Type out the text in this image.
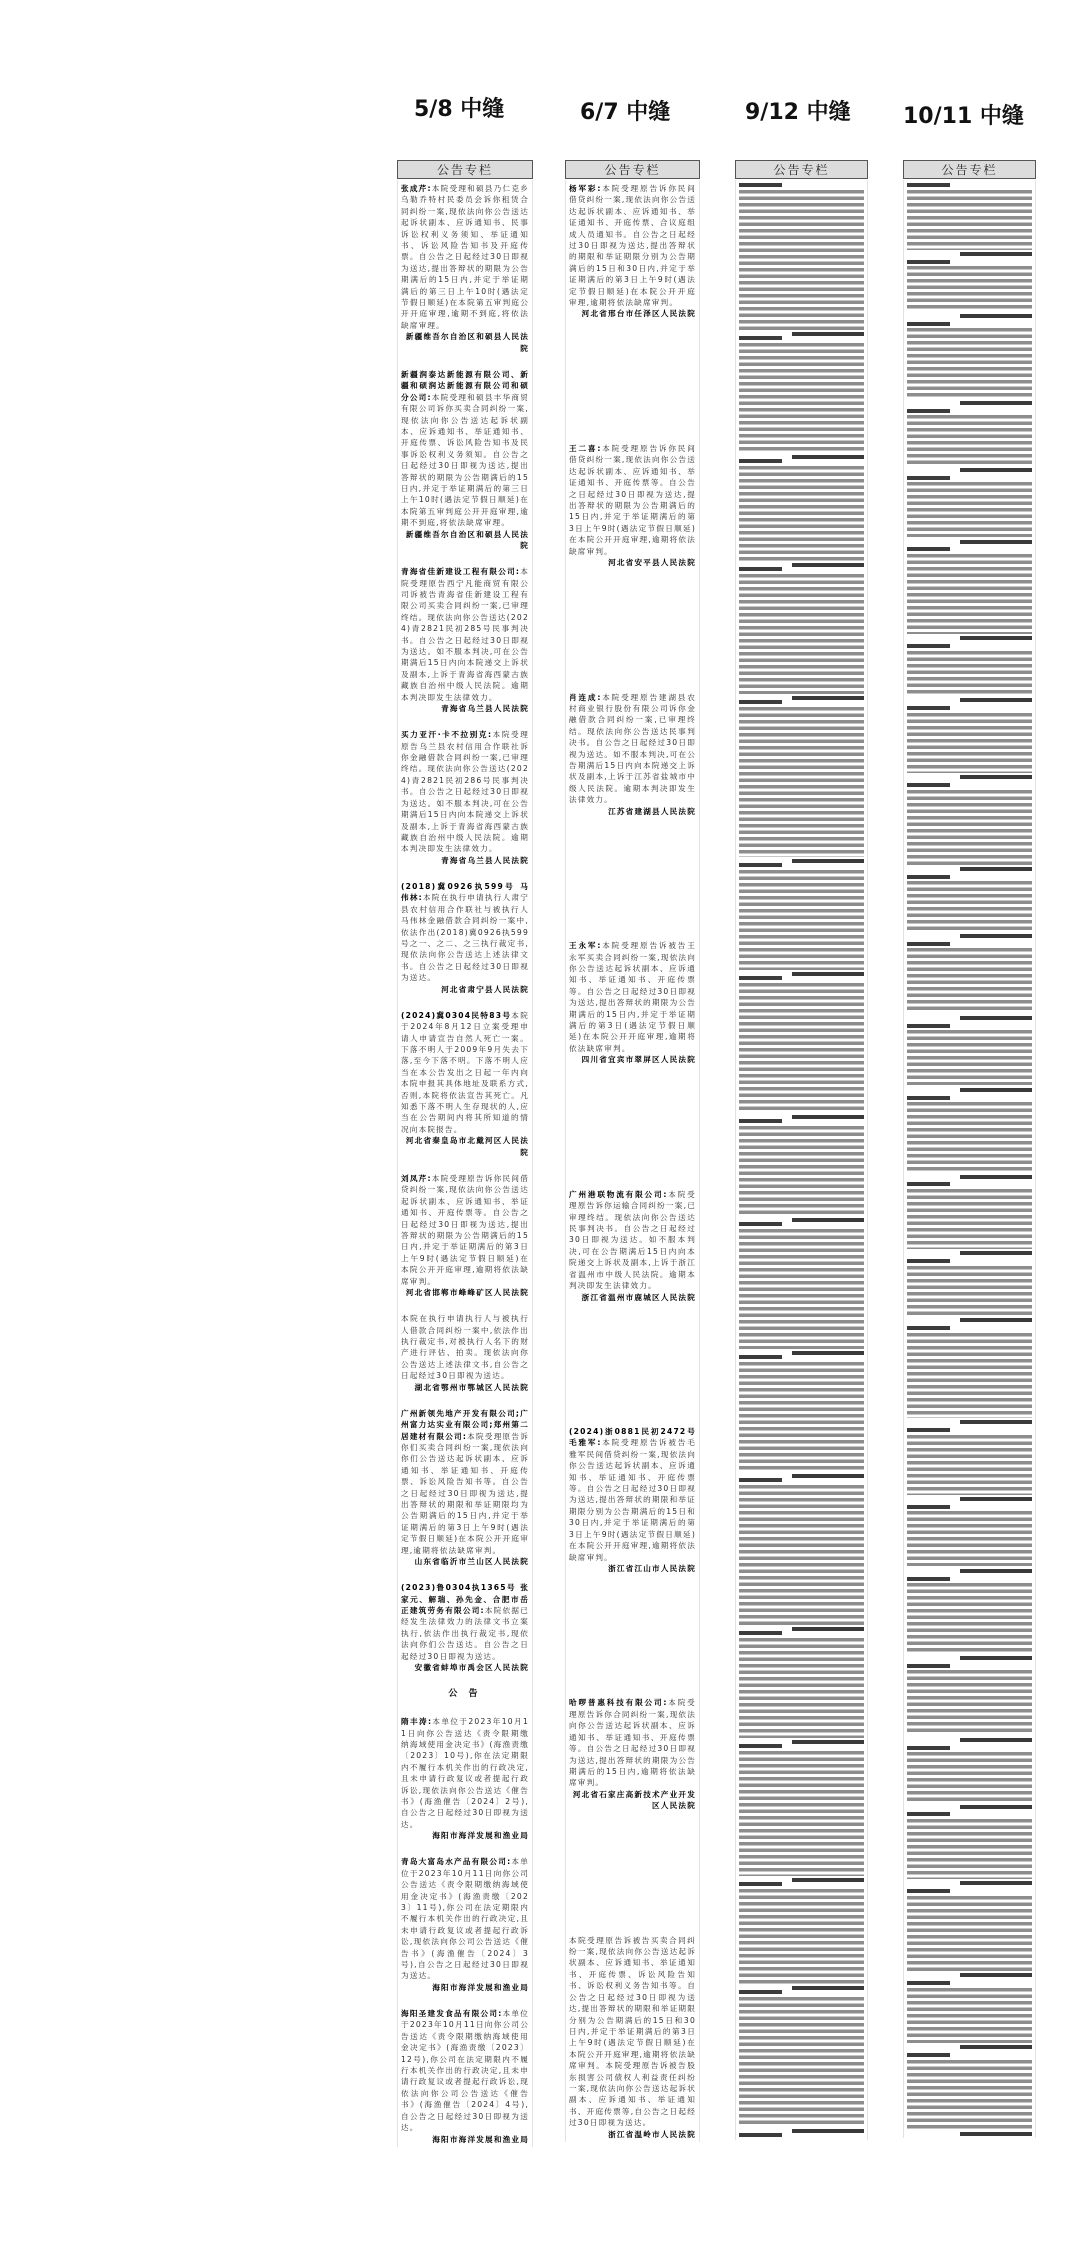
5/8 中缝	6/7 中缝	9/12 中缝 10/11 中缝
公告专栏

张成芹:本院受理和硕县乃仁克乡乌勒乔特村民委员会诉你租赁合同纠纷一案,现依法向你公告送达起诉状副本、应诉通知书、民事诉讼权利义务须知、举证通知书、诉讼风险告知书及开庭传票。自公告之日起经过30日即视为送达,提出答辩状的期限为公告期满后的15日内,并定于举证期满后的第三日上午10时(遇法定节假日顺延)在本院第五审判庭公开开庭审理,逾期不到庭,将依法缺席审理。

新疆维吾尔自治区和硕县人民法院

新疆润泰达新能源有限公司、新疆和硕润达新能源有限公司和硕分公司:本院受理和硕县丰华商贸有限公司诉你买卖合同纠纷一案,现依法向你公告送达起诉状副本、应诉通知书、举证通知书、开庭传票、诉讼风险告知书及民事诉讼权利义务须知。自公告之日起经过30日即视为送达,提出答辩状的期限为公告期满后的15日内,并定于举证期满后的第三日上午10时(遇法定节假日顺延)在本院第五审判庭公开开庭审理,逾期不到庭,将依法缺席审理。

新疆维吾尔自治区和硕县人民法院

青海省佳新建设工程有限公司:本院受理原告西宁凡能商贸有限公司诉被告青海省佳新建设工程有限公司买卖合同纠纷一案,已审理终结。现依法向你公告送达(2024)青2821民初285号民事判决书。自公告之日起经过30日即视为送达。如不服本判决,可在公告期满后15日内向本院递交上诉状及副本,上诉于青海省海西蒙古族藏族自治州中级人民法院。逾期本判决即发生法律效力。

青海省乌兰县人民法院

买力亚汗·卡不拉别克:本院受理原告乌兰县农村信用合作联社诉你金融借款合同纠纷一案,已审理终结。现依法向你公告送达(2024)青2821民初286号民事判决书。自公告之日起经过30日即视为送达。如不服本判决,可在公告期满后15日内向本院递交上诉状及副本,上诉于青海省海西蒙古族藏族自治州中级人民法院。逾期本判决即发生法律效力。

青海省乌兰县人民法院

(2018)冀0926执599号 马伟林:本院在执行申请执行人肃宁县农村信用合作联社与被执行人马伟林金融借款合同纠纷一案中,依法作出(2018)冀0926执599号之一、之二、之三执行裁定书,现依法向你公告送达上述法律文书。自公告之日起经过30日即视为送达。

河北省肃宁县人民法院

(2024)冀0304民特83号本院于2024年8月12日立案受理申请人申请宣告自然人死亡一案。下落不明人于2009年9月失去下落,至今下落不明。下落不明人应当在本公告发出之日起一年内向本院申报其具体地址及联系方式,否则,本院将依法宣告其死亡。凡知悉下落不明人生存现状的人,应当在公告期间内将其所知道的情况向本院报告。

河北省秦皇岛市北戴河区人民法院

刘凤芹:本院受理原告诉你民间借贷纠纷一案,现依法向你公告送达起诉状副本、应诉通知书、举证通知书、开庭传票等。自公告之日起经过30日即视为送达,提出答辩状的期限为公告期满后的15日内,并定于举证期满后的第3日上午9时(遇法定节假日顺延)在本院公开开庭审理,逾期将依法缺席审判。

河北省邯郸市峰峰矿区人民法院

本院在执行申请执行人与被执行人借款合同纠纷一案中,依法作出执行裁定书,对被执行人名下的财产进行评估、拍卖。现依法向你公告送达上述法律文书,自公告之日起经过30日即视为送达。

湖北省鄂州市鄂城区人民法院

广州新领先地产开发有限公司;广州富力达实业有限公司;郑州第二居建材有限公司:本院受理原告诉你们买卖合同纠纷一案,现依法向你们公告送达起诉状副本、应诉通知书、举证通知书、开庭传票、诉讼风险告知书等。自公告之日起经过30日即视为送达,提出答辩状的期限和举证期限均为公告期满后的15日内,并定于举证期满后的第3日上午9时(遇法定节假日顺延)在本院公开开庭审理,逾期将依法缺席审判。

山东省临沂市兰山区人民法院

(2023)鲁0304执1365号 张家元、解瑞、孙先金、合肥市岳正建筑劳务有限公司:本院依据已经发生法律效力的法律文书立案执行,依法作出执行裁定书,现依法向你们公告送达。自公告之日起经过30日即视为送达。

安徽省蚌埠市禹会区人民法院
公 告

隋丰涛:本单位于2023年10月11日向你公告送达《责令限期缴纳海域使用金决定书》(海渔责缴〔2023〕10号),你在法定期限内不履行本机关作出的行政决定,且未申请行政复议或者提起行政诉讼,现依法向你公告送达《催告书》(海渔催告〔2024〕2号),自公告之日起经过30日即视为送达。

海阳市海洋发展和渔业局

青岛大富岛水产品有限公司:本单位于2023年10月11日向你公司公告送达《责令限期缴纳海域使用金决定书》(海渔责缴〔2023〕11号),你公司在法定期限内不履行本机关作出的行政决定,且未申请行政复议或者提起行政诉讼,现依法向你公司公告送达《催告书》(海渔催告〔2024〕3号),自公告之日起经过30日即视为送达。

海阳市海洋发展和渔业局

海阳圣建发食品有限公司:本单位于2023年10月11日向你公司公告送达《责令限期缴纳海域使用金决定书》(海渔责缴〔2023〕12号),你公司在法定期限内不履行本机关作出的行政决定,且未申请行政复议或者提起行政诉讼,现依法向你公司公告送达《催告书》(海渔催告〔2024〕4号),自公告之日起经过30日即视为送达。

海阳市海洋发展和渔业局
公告专栏

杨军彩:本院受理原告诉你民间借贷纠纷一案,现依法向你公告送达起诉状副本、应诉通知书、举证通知书、开庭传票、合议庭组成人员通知书。自公告之日起经过30日即视为送达,提出答辩状的期限和举证期限分别为公告期满后的15日和30日内,并定于举证期满后的第3日上午9时(遇法定节假日顺延)在本院公开开庭审理,逾期将依法缺席审判。

河北省邢台市任泽区人民法院

王二喜:本院受理原告诉你民间借贷纠纷一案,现依法向你公告送达起诉状副本、应诉通知书、举证通知书、开庭传票等。自公告之日起经过30日即视为送达,提出答辩状的期限为公告期满后的15日内,并定于举证期满后的第3日上午9时(遇法定节假日顺延)在本院公开开庭审理,逾期将依法缺席审判。

河北省安平县人民法院

肖连成:本院受理原告建湖县农村商业银行股份有限公司诉你金融借款合同纠纷一案,已审理终结。现依法向你公告送达民事判决书。自公告之日起经过30日即视为送达。如不服本判决,可在公告期满后15日内向本院递交上诉状及副本,上诉于江苏省盐城市中级人民法院。逾期本判决即发生法律效力。

江苏省建湖县人民法院

王永军:本院受理原告诉被告王永军买卖合同纠纷一案,现依法向你公告送达起诉状副本、应诉通知书、举证通知书、开庭传票等。自公告之日起经过30日即视为送达,提出答辩状的期限为公告期满后的15日内,并定于举证期满后的第3日(遇法定节假日顺延)在本院公开开庭审理,逾期将依法缺席审判。

四川省宜宾市翠屏区人民法院

广州港联物流有限公司:本院受理原告诉你运输合同纠纷一案,已审理终结。现依法向你公告送达民事判决书。自公告之日起经过30日即视为送达。如不服本判决,可在公告期满后15日内向本院递交上诉状及副本,上诉于浙江省温州市中级人民法院。逾期本判决即发生法律效力。

浙江省温州市鹿城区人民法院

(2024)浙0881民初2472号 毛雅军:本院受理原告诉被告毛雅军民间借贷纠纷一案,现依法向你公告送达起诉状副本、应诉通知书、举证通知书、开庭传票等。自公告之日起经过30日即视为送达,提出答辩状的期限和举证期限分别为公告期满后的15日和30日内,并定于举证期满后的第3日上午9时(遇法定节假日顺延)在本院公开开庭审理,逾期将依法缺席审判。

浙江省江山市人民法院

哈啰普惠科技有限公司:本院受理原告诉你合同纠纷一案,现依法向你公告送达起诉状副本、应诉通知书、举证通知书、开庭传票等。自公告之日起经过30日即视为送达,提出答辩状的期限为公告期满后的15日内,逾期将依法缺席审判。

河北省石家庄高新技术产业开发区人民法院

本院受理原告诉被告买卖合同纠纷一案,现依法向你公告送达起诉状副本、应诉通知书、举证通知书、开庭传票、诉讼风险告知书、诉讼权利义务告知书等。自公告之日起经过30日即视为送达,提出答辩状的期限和举证期限分别为公告期满后的15日和30日内,并定于举证期满后的第3日上午9时(遇法定节假日顺延)在本院公开开庭审理,逾期将依法缺席审判。本院受理原告诉被告股东损害公司债权人利益责任纠纷一案,现依法向你公告送达起诉状副本、应诉通知书、举证通知书、开庭传票等,自公告之日起经过30日即视为送达。

浙江省温岭市人民法院
公告专栏	公告专栏
